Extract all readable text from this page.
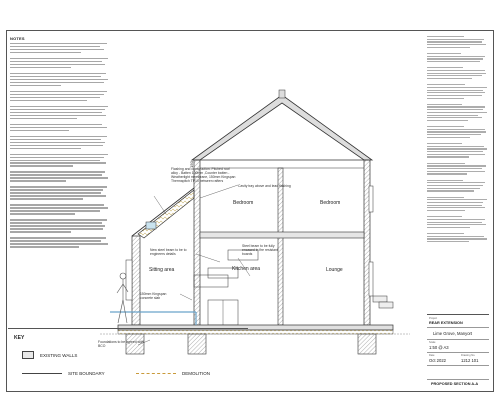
NOTES
Bedroom	Bedroom
Sitting area	Kitchen area	Lounge
150
Flashing and construction. Pitched roof alloy - Batten 100mm ,Counter batten - Weatherlight membrane, 150mm Kingspan Thermapitch TP10 between rafters
Cavity tray above and lead flashing
New steel beam to be to engineers details
Steel beam to be fully encased in fire resistant boards
150mm Kingspan concrete slab
Foundations to be agreed with BCO
KEY
EXISTING WALLS
SITE BOUNDARY	DEMOLITION
Project
REAR EXTENSION
Lime Grove, Manyort
Scale
1:50 @ A3
Date
Oct 2022
Drawing No.
1212 101
PROPOSED SECTION A-A
